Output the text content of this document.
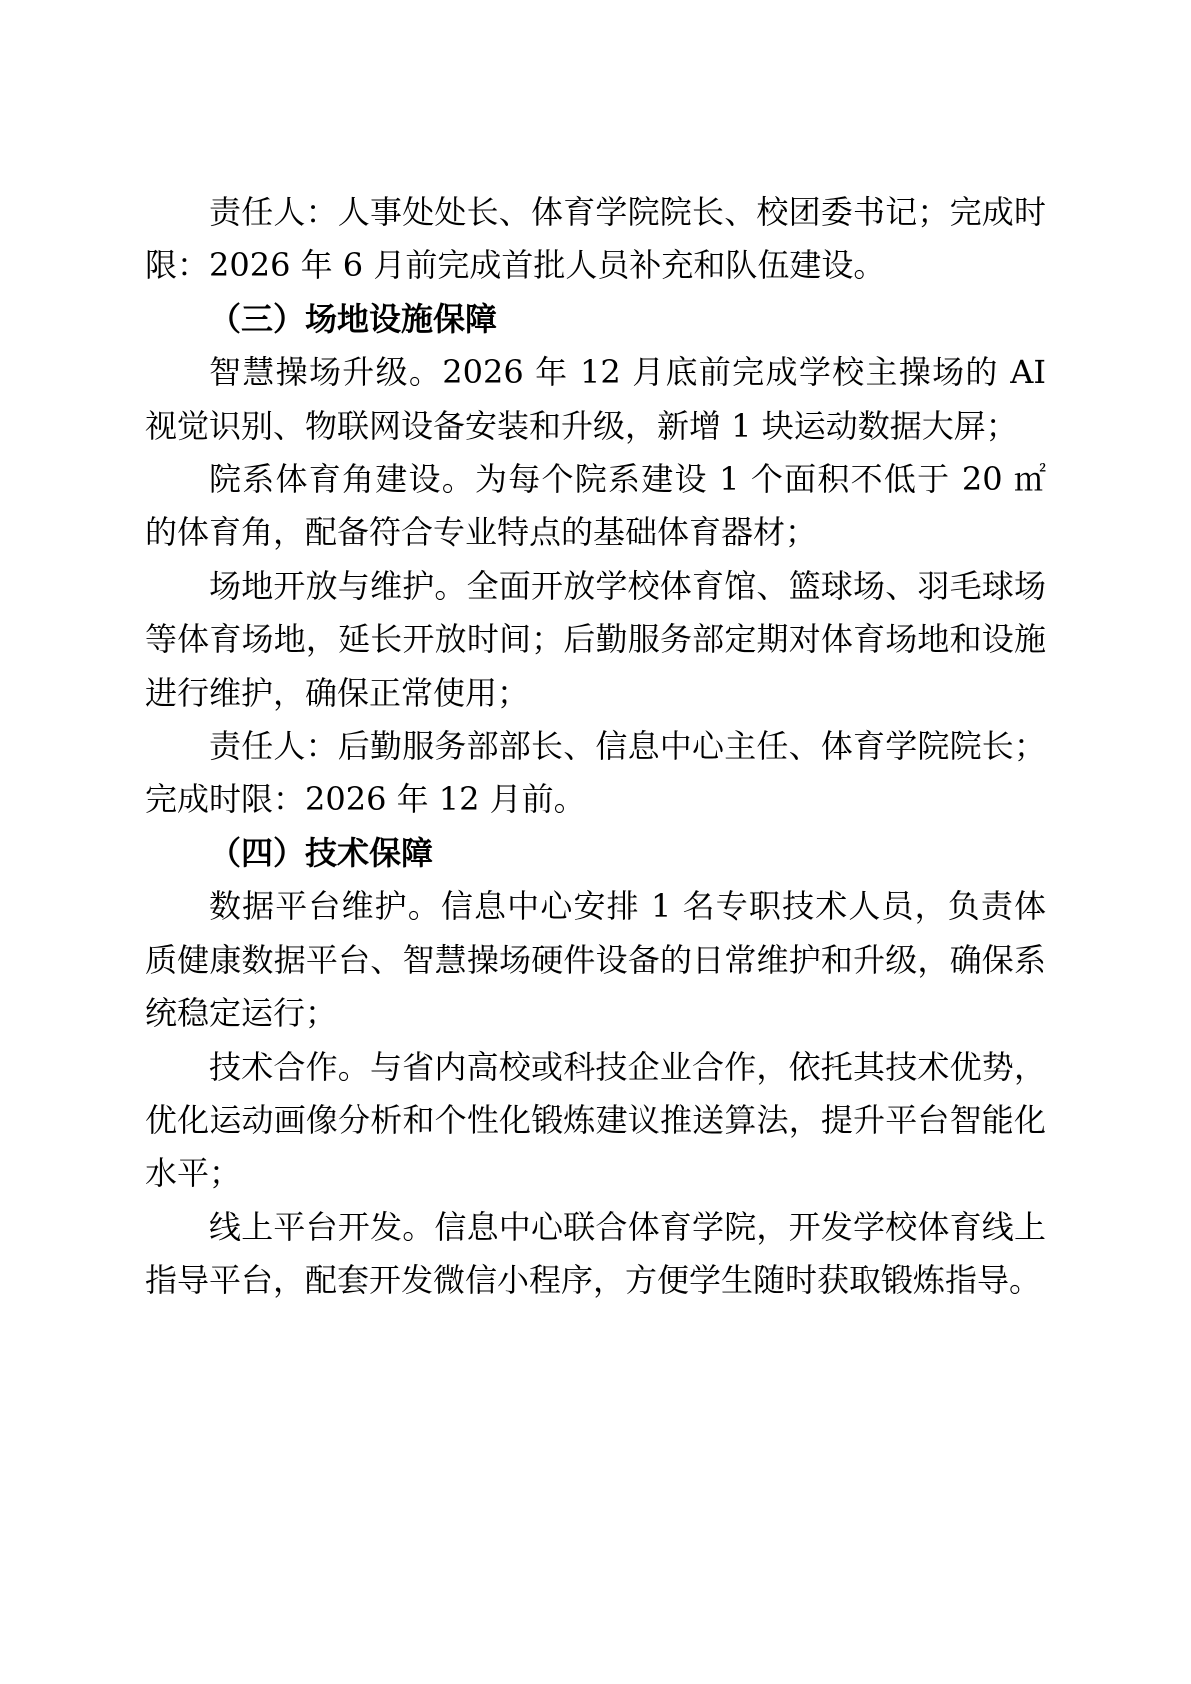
责任人：人事处处长、体育学院院长、校团委书记；完成时限：2026 年 6 月前完成首批人员补充和队伍建设。

（三）场地设施保障

智慧操场升级。2026 年 12 月底前完成学校主操场的 AI 视觉识别、物联网设备安装和升级，新增 1 块运动数据大屏；

院系体育角建设。为每个院系建设 1 个面积不低于 20 ㎡的体育角，配备符合专业特点的基础体育器材；

场地开放与维护。全面开放学校体育馆、篮球场、羽毛球场等体育场地，延长开放时间；后勤服务部定期对体育场地和设施进行维护，确保正常使用；

责任人：后勤服务部部长、信息中心主任、体育学院院长；完成时限：2026 年 12 月前。

（四）技术保障

数据平台维护。信息中心安排 1 名专职技术人员，负责体质健康数据平台、智慧操场硬件设备的日常维护和升级，确保系统稳定运行；

技术合作。与省内高校或科技企业合作，依托其技术优势，优化运动画像分析和个性化锻炼建议推送算法，提升平台智能化水平；

线上平台开发。信息中心联合体育学院，开发学校体育线上指导平台，配套开发微信小程序，方便学生随时获取锻炼指导。
